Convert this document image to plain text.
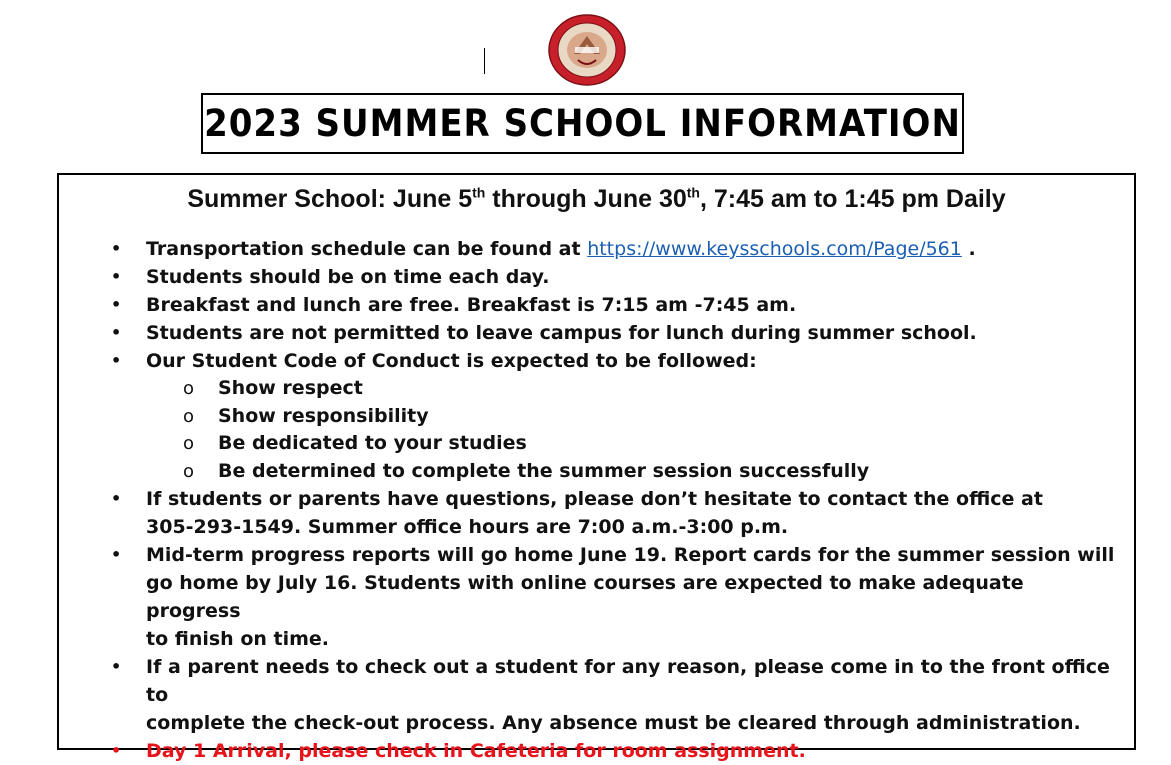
2023 SUMMER SCHOOL INFORMATION
Summer School: June 5th through June 30th, 7:45 am to 1:45 pm Daily
• Transportation schedule can be found at https://www.keysschools.com/Page/561 .
• Students should be on time each day.
• Breakfast and lunch are free. Breakfast is 7:15 am -7:45 am.
• Students are not permitted to leave campus for lunch during summer school.
• Our Student Code of Conduct is expected to be followed:
o Show respect
o Show responsibility
o Be dedicated to your studies
o Be determined to complete the summer session successfully
• If students or parents have questions, please don’t hesitate to contact the office at
305-293-1549. Summer office hours are 7:00 a.m.-3:00 p.m.
• Mid-term progress reports will go home June 19. Report cards for the summer session will
go home by July 16. Students with online courses are expected to make adequate progress
to finish on time.
• If a parent needs to check out a student for any reason, please come in to the front office to
complete the check-out process. Any absence must be cleared through administration.
• Day 1 Arrival, please check in Cafeteria for room assignment.
